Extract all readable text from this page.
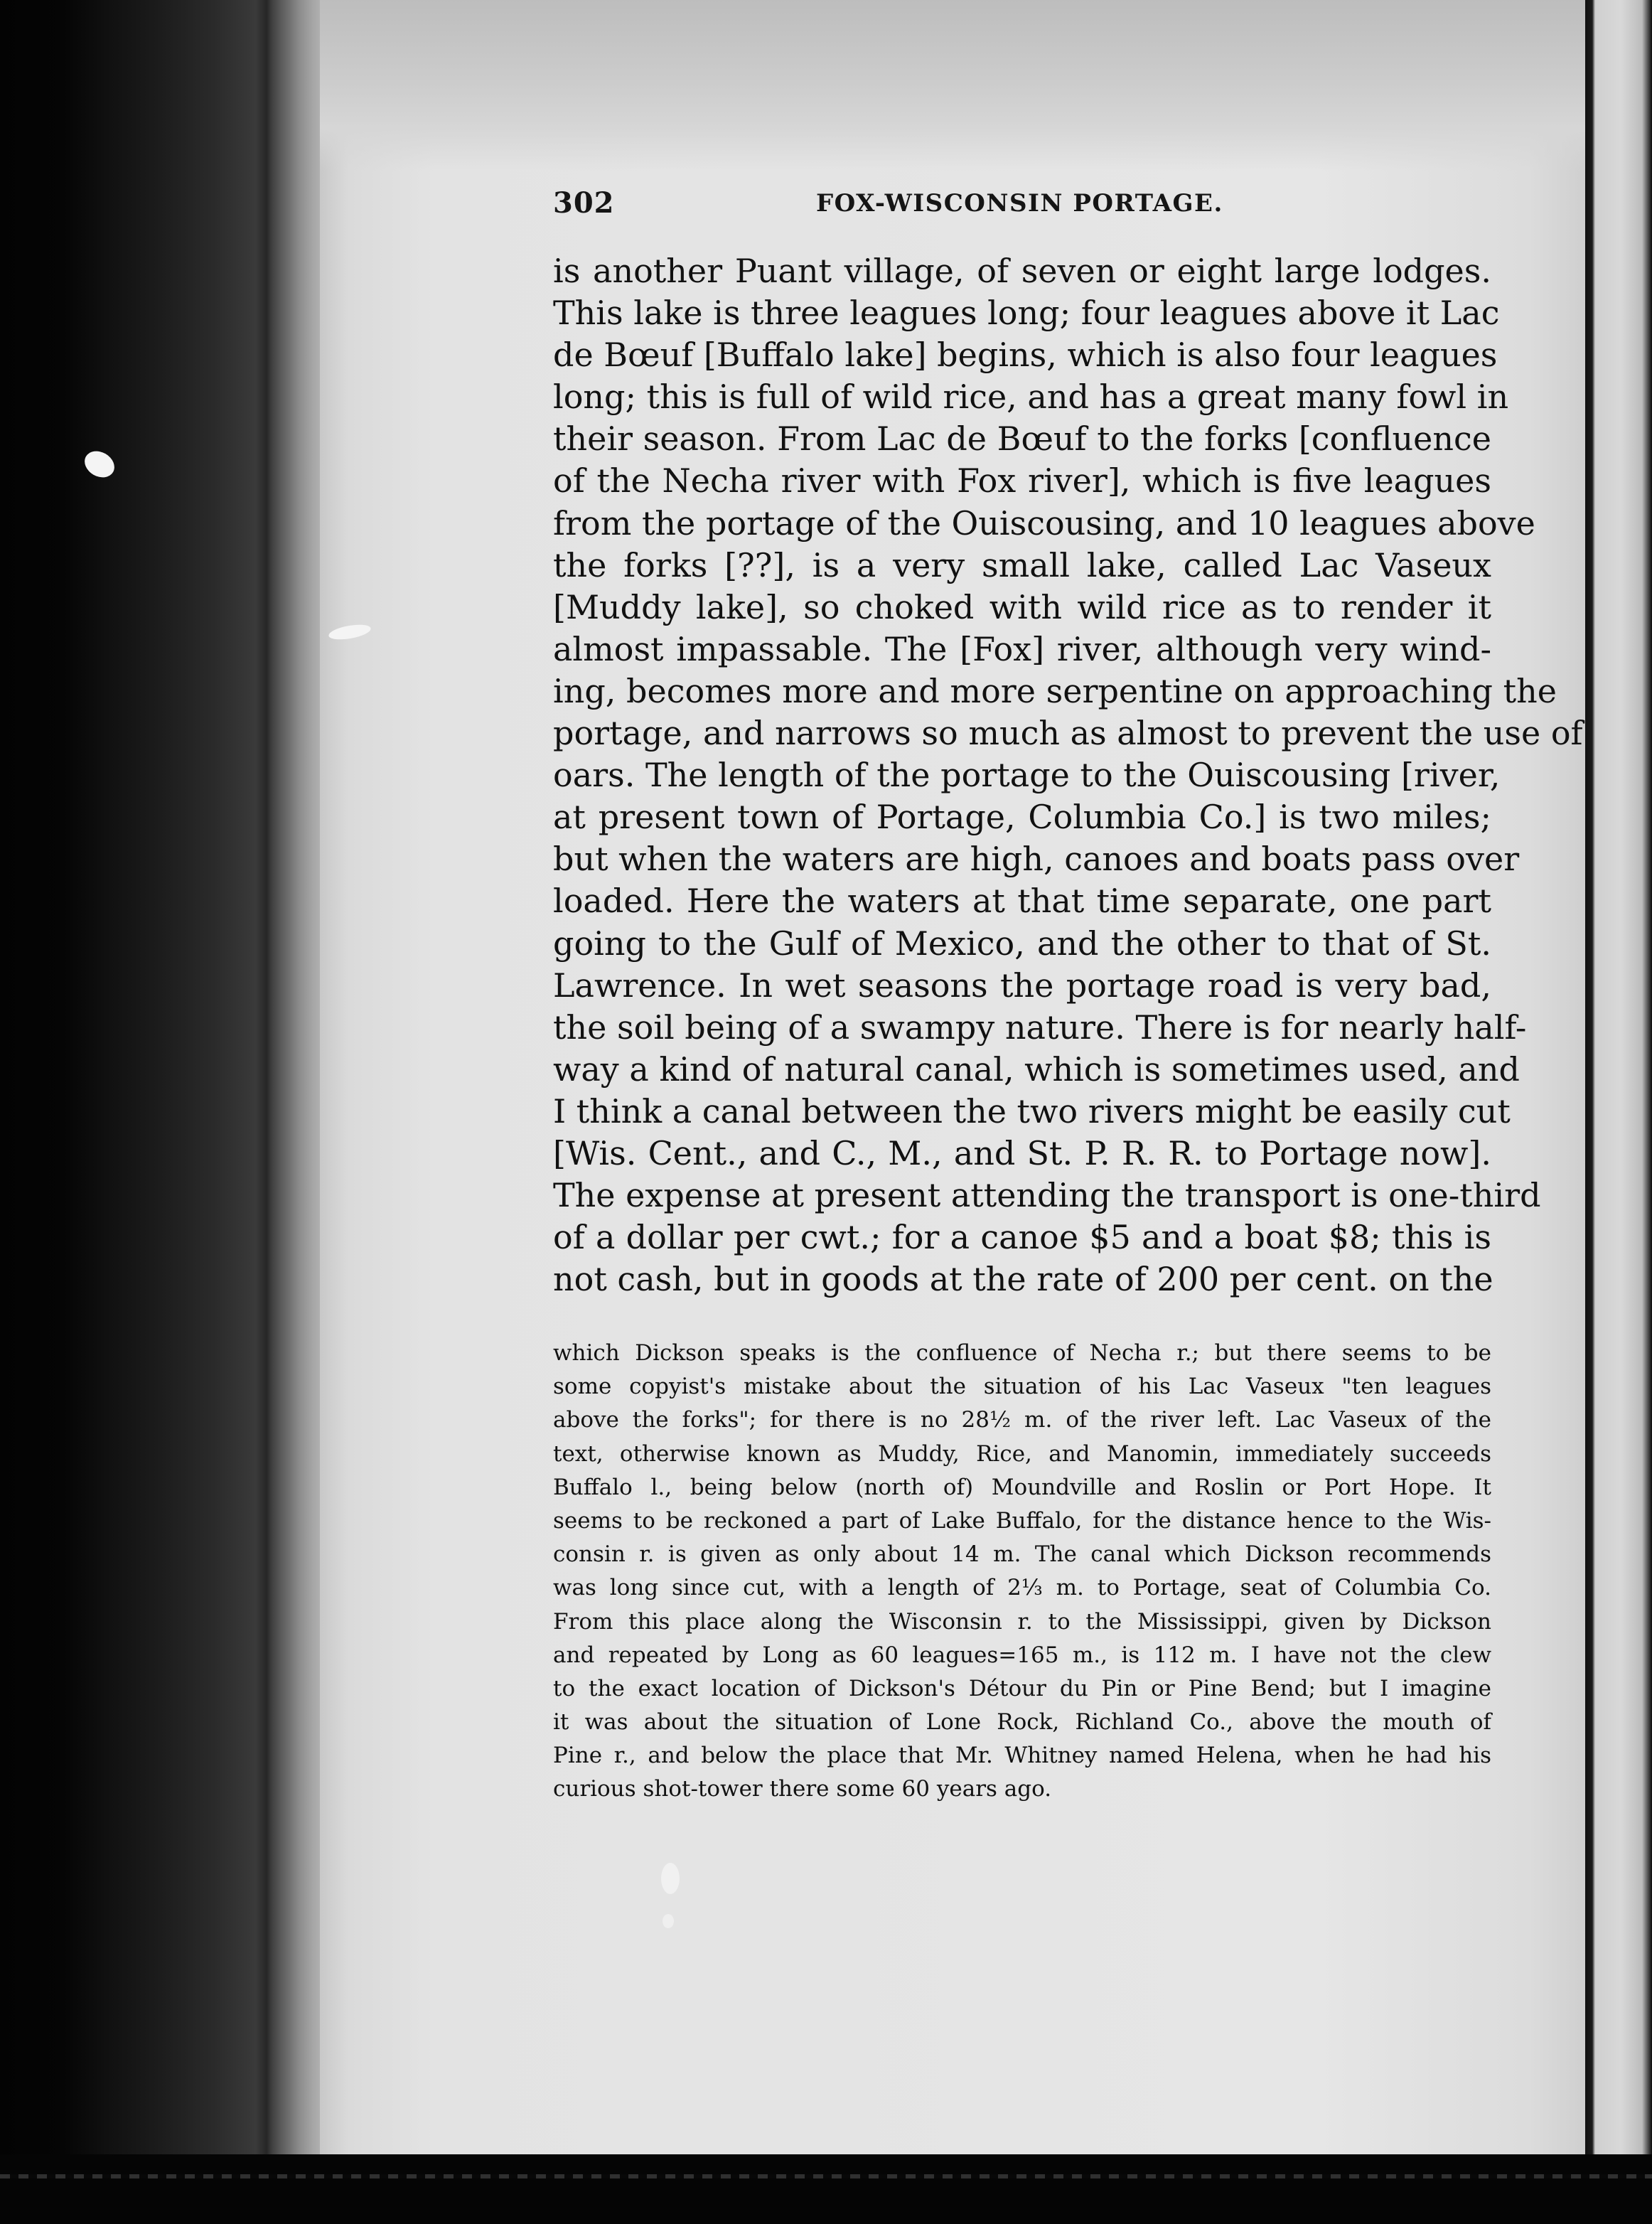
302	FOX-WISCONSIN PORTAGE.
is another Puant village, of seven or eight large lodges.
This lake is three leagues long; four leagues above it Lac
de Bœuf [Buffalo lake] begins, which is also four leagues
long; this is full of wild rice, and has a great many fowl in
their season. From Lac de Bœuf to the forks [confluence
of the Necha river with Fox river], which is five leagues
from the portage of the Ouiscousing, and 10 leagues above
the forks [??], is a very small lake, called Lac Vaseux
[Muddy lake], so choked with wild rice as to render it
almost impassable. The [Fox] river, although very wind-
ing, becomes more and more serpentine on approaching the
portage, and narrows so much as almost to prevent the use of
oars. The length of the portage to the Ouiscousing [river,
at present town of Portage, Columbia Co.] is two miles;
but when the waters are high, canoes and boats pass over
loaded. Here the waters at that time separate, one part
going to the Gulf of Mexico, and the other to that of St.
Lawrence. In wet seasons the portage road is very bad,
the soil being of a swampy nature. There is for nearly half-
way a kind of natural canal, which is sometimes used, and
I think a canal between the two rivers might be easily cut
[Wis. Cent., and C., M., and St. P. R. R. to Portage now].
The expense at present attending the transport is one-third
of a dollar per cwt.; for a canoe $5 and a boat $8; this is
not cash, but in goods at the rate of 200 per cent. on the
which Dickson speaks is the confluence of Necha r.; but there seems to be
some copyist's mistake about the situation of his Lac Vaseux "ten leagues
above the forks"; for there is no 28½ m. of the river left. Lac Vaseux of the
text, otherwise known as Muddy, Rice, and Manomin, immediately succeeds
Buffalo l., being below (north of) Moundville and Roslin or Port Hope. It
seems to be reckoned a part of Lake Buffalo, for the distance hence to the Wis-
consin r. is given as only about 14 m. The canal which Dickson recommends
was long since cut, with a length of 2⅓ m. to Portage, seat of Columbia Co.
From this place along the Wisconsin r. to the Mississippi, given by Dickson
and repeated by Long as 60 leagues=165 m., is 112 m. I have not the clew
to the exact location of Dickson's Détour du Pin or Pine Bend; but I imagine
it was about the situation of Lone Rock, Richland Co., above the mouth of
Pine r., and below the place that Mr. Whitney named Helena, when he had his
curious shot-tower there some 60 years ago.
